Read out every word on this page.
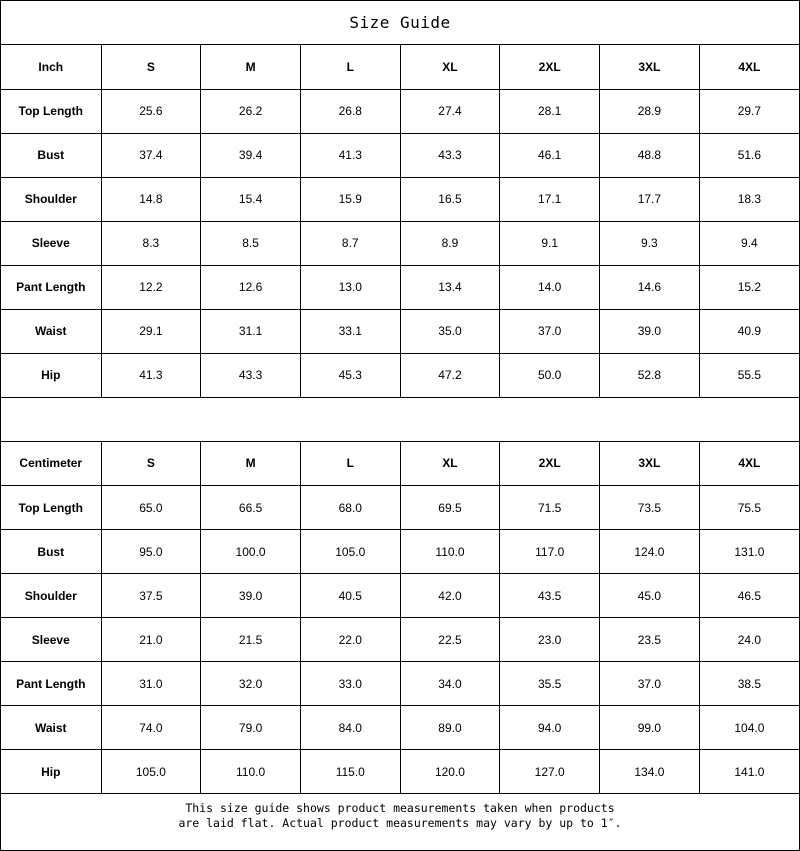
Size Guide
Inch	S	M	L	XL	2XL	3XL	4XL
Top Length	25.6	26.2	26.8	27.4	28.1	28.9	29.7
Bust	37.4	39.4	41.3	43.3	46.1	48.8	51.6
Shoulder	14.8	15.4	15.9	16.5	17.1	17.7	18.3
Sleeve	8.3	8.5	8.7	8.9	9.1	9.3	9.4
Pant Length	12.2	12.6	13.0	13.4	14.0	14.6	15.2
Waist	29.1	31.1	33.1	35.0	37.0	39.0	40.9
Hip	41.3	43.3	45.3	47.2	50.0	52.8	55.5
Centimeter	S	M	L	XL	2XL	3XL	4XL
Top Length	65.0	66.5	68.0	69.5	71.5	73.5	75.5
Bust	95.0	100.0	105.0	110.0	117.0	124.0	131.0
Shoulder	37.5	39.0	40.5	42.0	43.5	45.0	46.5
Sleeve	21.0	21.5	22.0	22.5	23.0	23.5	24.0
Pant Length	31.0	32.0	33.0	34.0	35.5	37.0	38.5
Waist	74.0	79.0	84.0	89.0	94.0	99.0	104.0
Hip	105.0	110.0	115.0	120.0	127.0	134.0	141.0
This size guide shows product measurements taken when products
are laid flat. Actual product measurements may vary by up to 1″.
